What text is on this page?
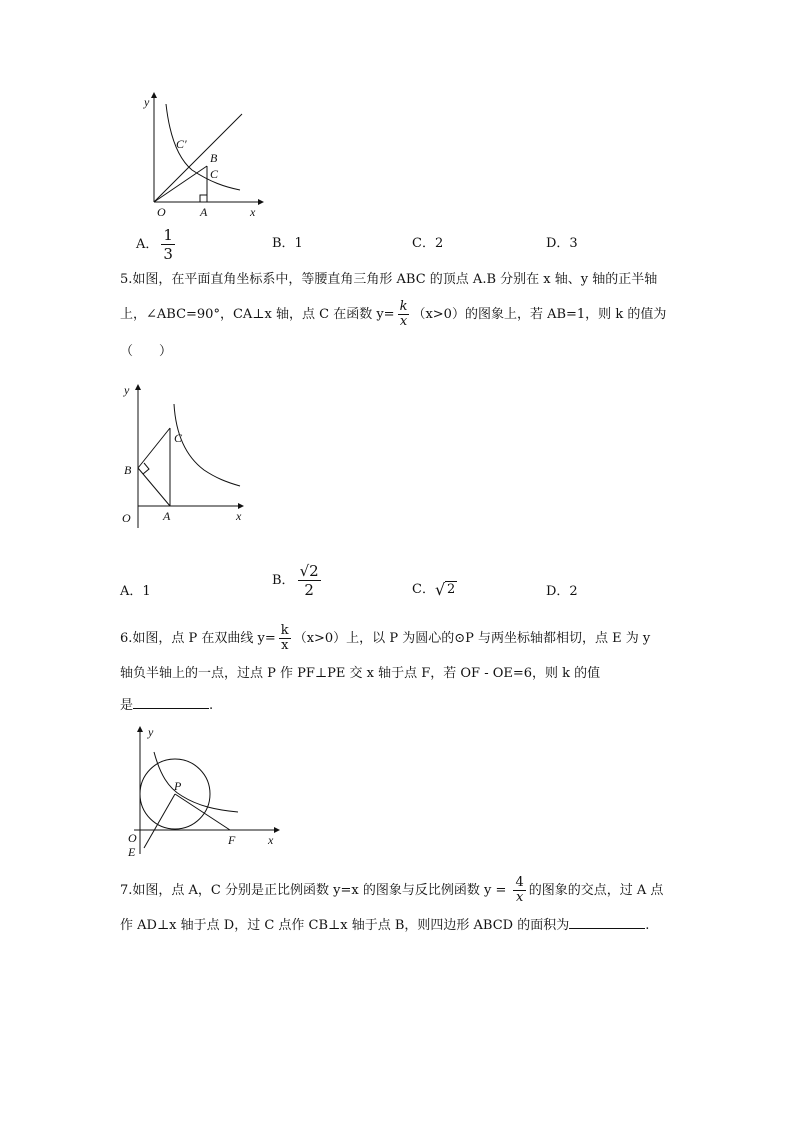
y
x
O	A
B
C
C′
A． $\frac{1}{3}$	B．1	C．2	D．3
5.如图，在平面直角坐标系中，等腰直角三角形 ABC 的顶点 A.B 分别在 x 轴、y 轴的正半轴
上，∠ABC=90°，CA⊥x 轴，点 C 在函数 $y= \frac{k}{x} (x>0)$的图象上，若 AB=1，则 k 的值为
（　　）
y
x
O	A
B
C
A．1
B． $\frac{√2}{2}$	C． √ 2	D．2
6.如图，点 P 在双曲线 $y= \frac{k}{x} (x>0)$上，以 P 为圆心的⊙P 与两坐标轴都相切，点 E 为 y
轴负半轴上的一点，过点 P 作 PF⊥PE 交 x 轴于点 F，若 OF - OE=6，则 k 的值
是	.
y
x
O
E
P
F
7.如图，点 A，C 分别是正比例函数 y=x 的图象与反比例函数 $y = \frac{4}{x}$ 的图象的交点，过 A 点
作 AD⊥x 轴于点 D，过 C 点作 CB⊥x 轴于点 B，则四边形 ABCD 的面积为	.
